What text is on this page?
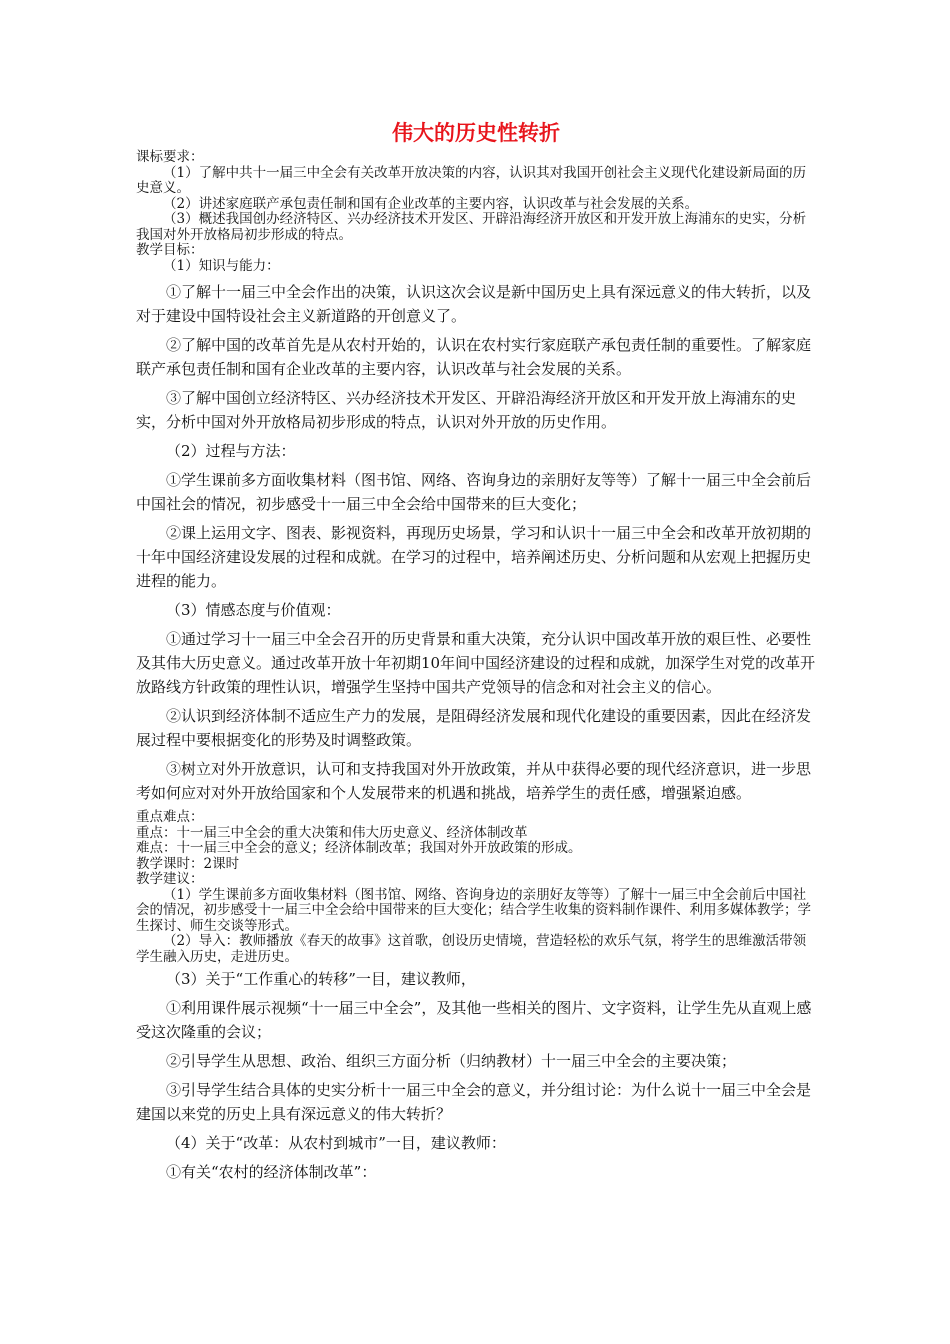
伟大的历史性转折

课标要求：

（1）了解中共十一届三中全会有关改革开放决策的内容，认识其对我国开创社会主义现代化建设新局面的历史意义。

（2）讲述家庭联产承包责任制和国有企业改革的主要内容，认识改革与社会发展的关系。

（3）概述我国创办经济特区、兴办经济技术开发区、开辟沿海经济开放区和开发开放上海浦东的史实，分析我国对外开放格局初步形成的特点。

教学目标：

（1）知识与能力：

①了解十一届三中全会作出的决策，认识这次会议是新中国历史上具有深远意义的伟大转折，以及对于建设中国特设社会主义新道路的开创意义了。

②了解中国的改革首先是从农村开始的，认识在农村实行家庭联产承包责任制的重要性。了解家庭联产承包责任制和国有企业改革的主要内容，认识改革与社会发展的关系。

③了解中国创立经济特区、兴办经济技术开发区、开辟沿海经济开放区和开发开放上海浦东的史实，分析中国对外开放格局初步形成的特点，认识对外开放的历史作用。

（2）过程与方法：

①学生课前多方面收集材料（图书馆、网络、咨询身边的亲朋好友等等）了解十一届三中全会前后中国社会的情况，初步感受十一届三中全会给中国带来的巨大变化；

②课上运用文字、图表、影视资料，再现历史场景，学习和认识十一届三中全会和改革开放初期的十年中国经济建设发展的过程和成就。在学习的过程中，培养阐述历史、分析问题和从宏观上把握历史进程的能力。

（3）情感态度与价值观：

①通过学习十一届三中全会召开的历史背景和重大决策，充分认识中国改革开放的艰巨性、必要性及其伟大历史意义。通过改革开放十年初期10年间中国经济建设的过程和成就，加深学生对党的改革开放路线方针政策的理性认识，增强学生坚持中国共产党领导的信念和对社会主义的信心。

②认识到经济体制不适应生产力的发展，是阻碍经济发展和现代化建设的重要因素，因此在经济发展过程中要根据变化的形势及时调整政策。

③树立对外开放意识，认可和支持我国对外开放政策，并从中获得必要的现代经济意识，进一步思考如何应对对外开放给国家和个人发展带来的机遇和挑战，培养学生的责任感，增强紧迫感。

重点难点：

重点：十一届三中全会的重大决策和伟大历史意义、经济体制改革

难点：十一届三中全会的意义；经济体制改革；我国对外开放政策的形成。

教学课时：2课时

教学建议：

（1）学生课前多方面收集材料（图书馆、网络、咨询身边的亲朋好友等等）了解十一届三中全会前后中国社会的情况，初步感受十一届三中全会给中国带来的巨大变化；结合学生收集的资料制作课件、利用多媒体教学；学生探讨、师生交谈等形式。

（2）导入：教师播放《春天的故事》这首歌，创设历史情境，营造轻松的欢乐气氛，将学生的思维激活带领学生融入历史，走进历史。

（3）关于“工作重心的转移”一目，建议教师，

①利用课件展示视频“十一届三中全会”，及其他一些相关的图片、文字资料，让学生先从直观上感受这次隆重的会议；

②引导学生从思想、政治、组织三方面分析（归纳教材）十一届三中全会的主要决策；

③引导学生结合具体的史实分析十一届三中全会的意义，并分组讨论：为什么说十一届三中全会是建国以来党的历史上具有深远意义的伟大转折？

（4）关于“改革：从农村到城市”一目，建议教师：

①有关“农村的经济体制改革”：
